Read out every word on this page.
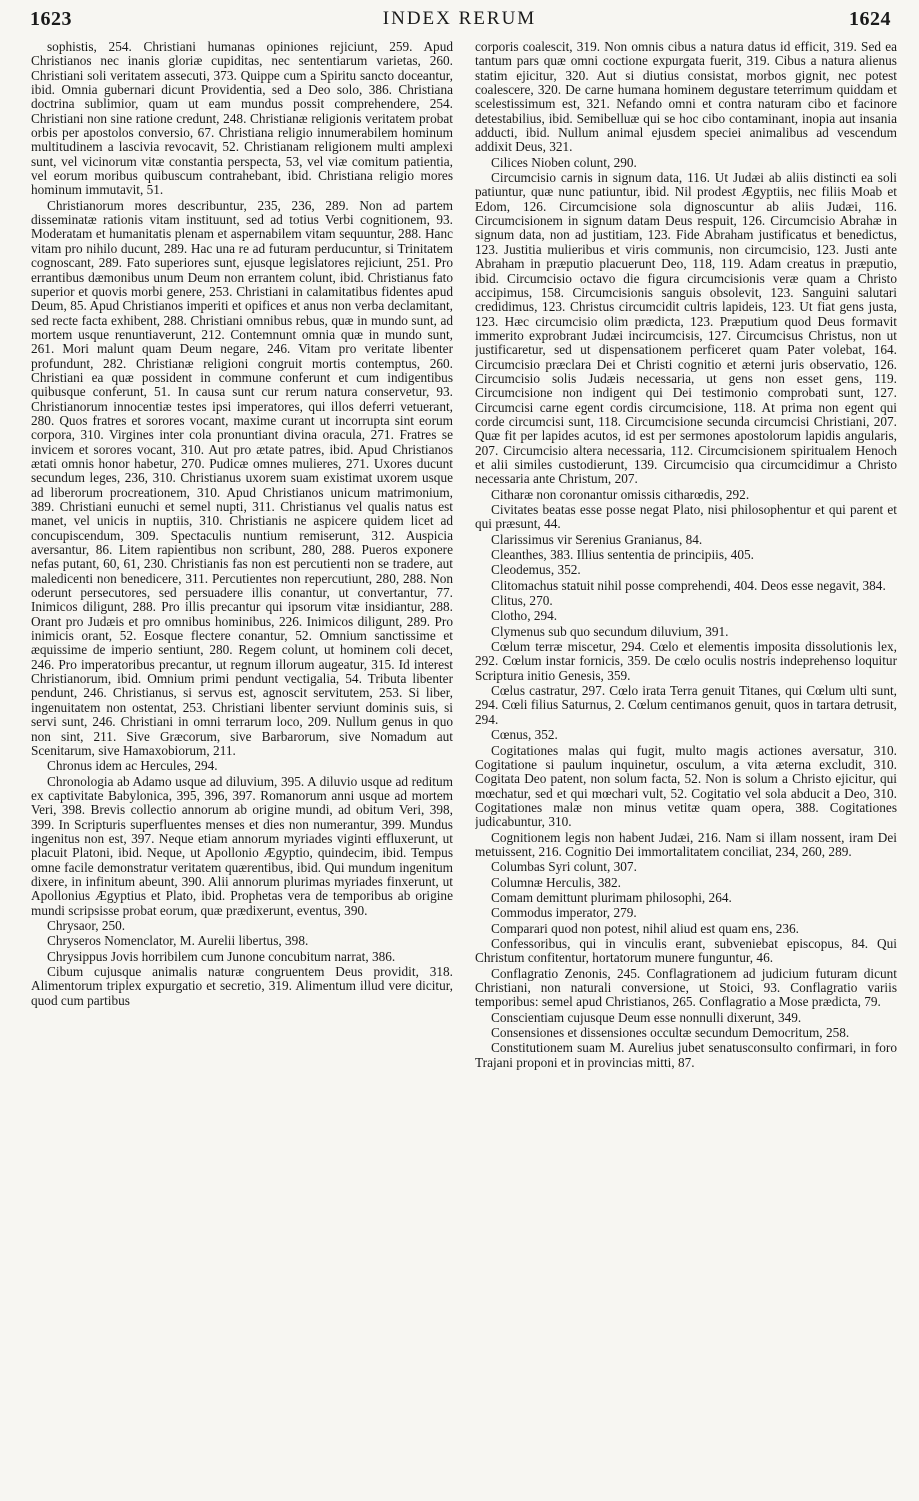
1623	INDEX RERUM	1624

sophistis, 254. Christiani humanas opiniones rejiciunt, 259. Apud Christianos nec inanis gloriæ cupiditas, nec sententiarum varietas, 260. Christiani soli veritatem assecuti, 373. Quippe cum a Spiritu sancto doceantur, ibid. Omnia gubernari dicunt Providentia, sed a Deo solo, 386. Christiana doctrina sublimior, quam ut eam mundus possit comprehendere, 254. Christiani non sine ratione credunt, 248. Christianæ religionis veritatem probat orbis per apostolos conversio, 67. Christiana religio innumerabilem hominum multitudinem a lascivia revocavit, 52. Christianam religionem multi amplexi sunt, vel vicinorum vitæ constantia perspecta, 53, vel viæ comitum patientia, vel eorum moribus quibuscum contrahebant, ibid. Christiana religio mores hominum immutavit, 51.

Christianorum mores describuntur, 235, 236, 289. Non ad partem disseminatæ rationis vitam instituunt, sed ad totius Verbi cognitionem, 93. Moderatam et humanitatis plenam et aspernabilem vitam sequuntur, 288. Hanc vitam pro nihilo ducunt, 289. Hac una re ad futuram perducuntur, si Trinitatem cognoscant, 289. Fato superiores sunt, ejusque legislatores rejiciunt, 251. Pro errantibus dæmonibus unum Deum non errantem colunt, ibid. Christianus fato superior et quovis morbi genere, 253. Christiani in calamitatibus fidentes apud Deum, 85. Apud Christianos imperiti et opifices et anus non verba declamitant, sed recte facta exhibent, 288. Christiani omnibus rebus, quæ in mundo sunt, ad mortem usque renuntiaverunt, 212. Contemnunt omnia quæ in mundo sunt, 261. Mori malunt quam Deum negare, 246. Vitam pro veritate libenter profundunt, 282. Christianæ religioni congruit mortis contemptus, 260. Christiani ea quæ possident in commune conferunt et cum indigentibus quibusque conferunt, 51. In causa sunt cur rerum natura conservetur, 93. Christianorum innocentiæ testes ipsi imperatores, qui illos deferri vetuerant, 280. Quos fratres et sorores vocant, maxime curant ut incorrupta sint eorum corpora, 310. Virgines inter cola pronuntiant divina oracula, 271. Fratres se invicem et sorores vocant, 310. Aut pro ætate patres, ibid. Apud Christianos ætati omnis honor habetur, 270. Pudicæ omnes mulieres, 271. Uxores ducunt secundum leges, 236, 310. Christianus uxorem suam existimat uxorem usque ad liberorum procreationem, 310. Apud Christianos unicum matrimonium, 389. Christiani eunuchi et semel nupti, 311. Christianus vel qualis natus est manet, vel unicis in nuptiis, 310. Christianis ne aspicere quidem licet ad concupiscendum, 309. Spectaculis nuntium remiserunt, 312. Auspicia aversantur, 86. Litem rapientibus non scribunt, 280, 288. Pueros exponere nefas putant, 60, 61, 230. Christianis fas non est percutienti non se tradere, aut maledicenti non benedicere, 311. Percutientes non repercutiunt, 280, 288. Non oderunt persecutores, sed persuadere illis conantur, ut convertantur, 77. Inimicos diligunt, 288. Pro illis precantur qui ipsorum vitæ insidiantur, 288. Orant pro Judæis et pro omnibus hominibus, 226. Inimicos diligunt, 289. Pro inimicis orant, 52. Eosque flectere conantur, 52. Omnium sanctissime et æquissime de imperio sentiunt, 280. Regem colunt, ut hominem coli decet, 246. Pro imperatoribus precantur, ut regnum illorum augeatur, 315. Id interest Christianorum, ibid. Omnium primi pendunt vectigalia, 54. Tributa libenter pendunt, 246. Christianus, si servus est, agnoscit servitutem, 253. Si liber, ingenuitatem non ostentat, 253. Christiani libenter serviunt dominis suis, si servi sunt, 246. Christiani in omni terrarum loco, 209. Nullum genus in quo non sint, 211. Sive Græcorum, sive Barbarorum, sive Nomadum aut Scenitarum, sive Hamaxobiorum, 211.

Chronus idem ac Hercules, 294.

Chronologia ab Adamo usque ad diluvium, 395. A diluvio usque ad reditum ex captivitate Babylonica, 395, 396, 397. Romanorum anni usque ad mortem Veri, 398. Brevis collectio annorum ab origine mundi, ad obitum Veri, 398, 399. In Scripturis superfluentes menses et dies non numerantur, 399. Mundus ingenitus non est, 397. Neque etiam annorum myriades viginti effluxerunt, ut placuit Platoni, ibid. Neque, ut Apollonio Ægyptio, quindecim, ibid. Tempus omne facile demonstratur veritatem quærentibus, ibid. Qui mundum ingenitum dixere, in infinitum abeunt, 390. Alii annorum plurimas myriades finxerunt, ut Apollonius Ægyptius et Plato, ibid. Prophetas vera de temporibus ab origine mundi scripsisse probat eorum, quæ prædixerunt, eventus, 390.

Chrysaor, 250.

Chryseros Nomenclator, M. Aurelii libertus, 398.

Chrysippus Jovis horribilem cum Junone concubitum narrat, 386.

Cibum cujusque animalis naturæ congruentem Deus providit, 318. Alimentorum triplex expurgatio et secretio, 319. Alimentum illud vere dicitur, quod cum partibus

corporis coalescit, 319. Non omnis cibus a natura datus id efficit, 319. Sed ea tantum pars quæ omni coctione expurgata fuerit, 319. Cibus a natura alienus statim ejicitur, 320. Aut si diutius consistat, morbos gignit, nec potest coalescere, 320. De carne humana hominem degustare teterrimum quiddam et scelestissimum est, 321. Nefando omni et contra naturam cibo et facinore detestabilius, ibid. Semibelluæ qui se hoc cibo contaminant, inopia aut insania adducti, ibid. Nullum animal ejusdem speciei animalibus ad vescendum addixit Deus, 321.

Cilices Nioben colunt, 290.

Circumcisio carnis in signum data, 116. Ut Judæi ab aliis distincti ea soli patiuntur, quæ nunc patiuntur, ibid. Nil prodest Ægyptiis, nec filiis Moab et Edom, 126. Circumcisione sola dignoscuntur ab aliis Judæi, 116. Circumcisionem in signum datam Deus respuit, 126. Circumcisio Abrahæ in signum data, non ad justitiam, 123. Fide Abraham justificatus et benedictus, 123. Justitia mulieribus et viris communis, non circumcisio, 123. Justi ante Abraham in præputio placuerunt Deo, 118, 119. Adam creatus in præputio, ibid. Circumcisio octavo die figura circumcisionis veræ quam a Christo accipimus, 158. Circumcisionis sanguis obsolevit, 123. Sanguini salutari credidimus, 123. Christus circumcidit cultris lapideis, 123. Ut fiat gens justa, 123. Hæc circumcisio olim prædicta, 123. Præputium quod Deus formavit immerito exprobrant Judæi incircumcisis, 127. Circumcisus Christus, non ut justificaretur, sed ut dispensationem perficeret quam Pater volebat, 164. Circumcisio præclara Dei et Christi cognitio et æterni juris observatio, 126. Circumcisio solis Judæis necessaria, ut gens non esset gens, 119. Circumcisione non indigent qui Dei testimonio comprobati sunt, 127. Circumcisi carne egent cordis circumcisione, 118. At prima non egent qui corde circumcisi sunt, 118. Circumcisione secunda circumcisi Christiani, 207. Quæ fit per lapides acutos, id est per sermones apostolorum lapidis angularis, 207. Circumcisio altera necessaria, 112. Circumcisionem spiritualem Henoch et alii similes custodierunt, 139. Circumcisio qua circumcidimur a Christo necessaria ante Christum, 207.

Citharæ non coronantur omissis citharœdis, 292.

Civitates beatas esse posse negat Plato, nisi philosophentur et qui parent et qui præsunt, 44.

Clarissimus vir Serenius Granianus, 84.

Cleanthes, 383. Illius sententia de principiis, 405.

Cleodemus, 352.

Clitomachus statuit nihil posse comprehendi, 404. Deos esse negavit, 384.

Clitus, 270.

Clotho, 294.

Clymenus sub quo secundum diluvium, 391.

Cœlum terræ miscetur, 294. Cœlo et elementis imposita dissolutionis lex, 292. Cœlum instar fornicis, 359. De cœlo oculis nostris indeprehenso loquitur Scriptura initio Genesis, 359.

Cœlus castratur, 297. Cœlo irata Terra genuit Titanes, qui Cœlum ulti sunt, 294. Cœli filius Saturnus, 2. Cœlum centimanos genuit, quos in tartara detrusit, 294.

Cœnus, 352.

Cogitationes malas qui fugit, multo magis actiones aversatur, 310. Cogitatione si paulum inquinetur, osculum, a vita æterna excludit, 310. Cogitata Deo patent, non solum facta, 52. Non is solum a Christo ejicitur, qui mœchatur, sed et qui mœchari vult, 52. Cogitatio vel sola abducit a Deo, 310. Cogitationes malæ non minus vetitæ quam opera, 388. Cogitationes judicabuntur, 310.

Cognitionem legis non habent Judæi, 216. Nam si illam nossent, iram Dei metuissent, 216. Cognitio Dei immortalitatem conciliat, 234, 260, 289.

Columbas Syri colunt, 307.

Columnæ Herculis, 382.

Comam demittunt plurimam philosophi, 264.

Commodus imperator, 279.

Comparari quod non potest, nihil aliud est quam ens, 236.

Confessoribus, qui in vinculis erant, subveniebat episcopus, 84. Qui Christum confitentur, hortatorum munere funguntur, 46.

Conflagratio Zenonis, 245. Conflagrationem ad judicium futuram dicunt Christiani, non naturali conversione, ut Stoici, 93. Conflagratio variis temporibus: semel apud Christianos, 265. Conflagratio a Mose prædicta, 79.

Conscientiam cujusque Deum esse nonnulli dixerunt, 349.

Consensiones et dissensiones occultæ secundum Democritum, 258.

Constitutionem suam M. Aurelius jubet senatusconsulto confirmari, in foro Trajani proponi et in provincias mitti, 87.
